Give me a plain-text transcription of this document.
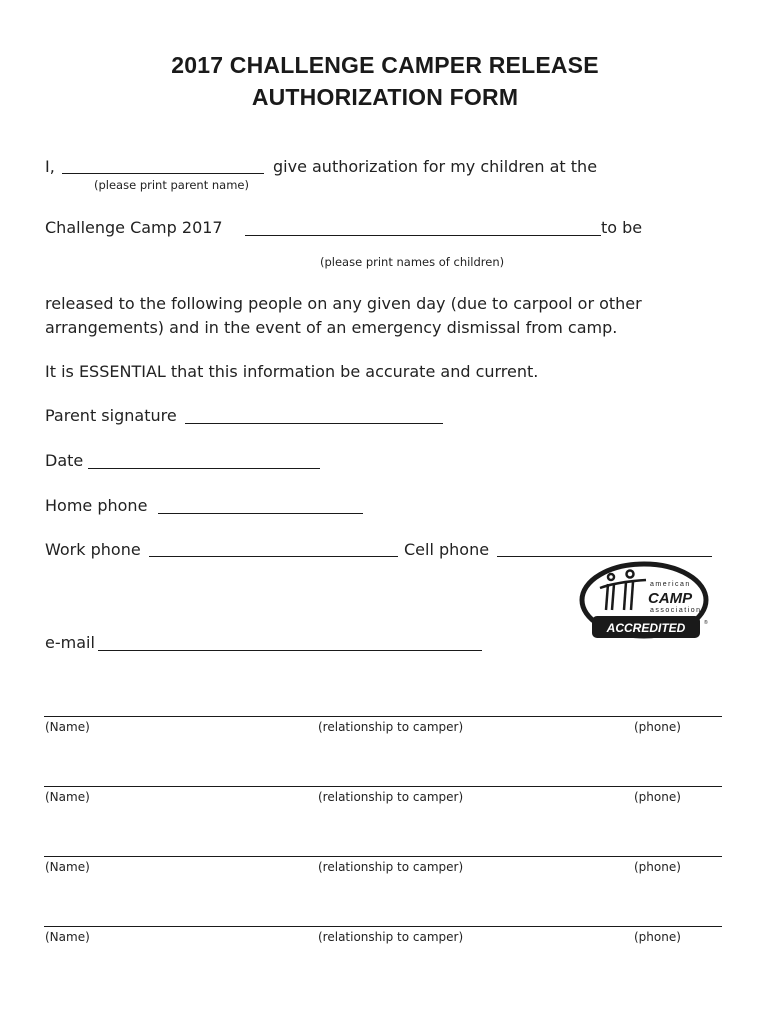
2017 CHALLENGE CAMPER RELEASE
AUTHORIZATION FORM
I,	give authorization for my children at the
(please print parent name)
Challenge Camp 2017	to be
(please print names of children)
released to the following people on any given day (due to carpool or other
arrangements) and in the event of an emergency dismissal from camp.
It is ESSENTIAL that this information be accurate and current.
Parent signature
Date
Home phone
Work phone	Cell phone
e-mail
american
CAMP
association
ACCREDITED	®
(Name)	(relationship to camper)	(phone)
(Name)	(relationship to camper)	(phone)
(Name)	(relationship to camper)	(phone)
(Name)	(relationship to camper)	(phone)
